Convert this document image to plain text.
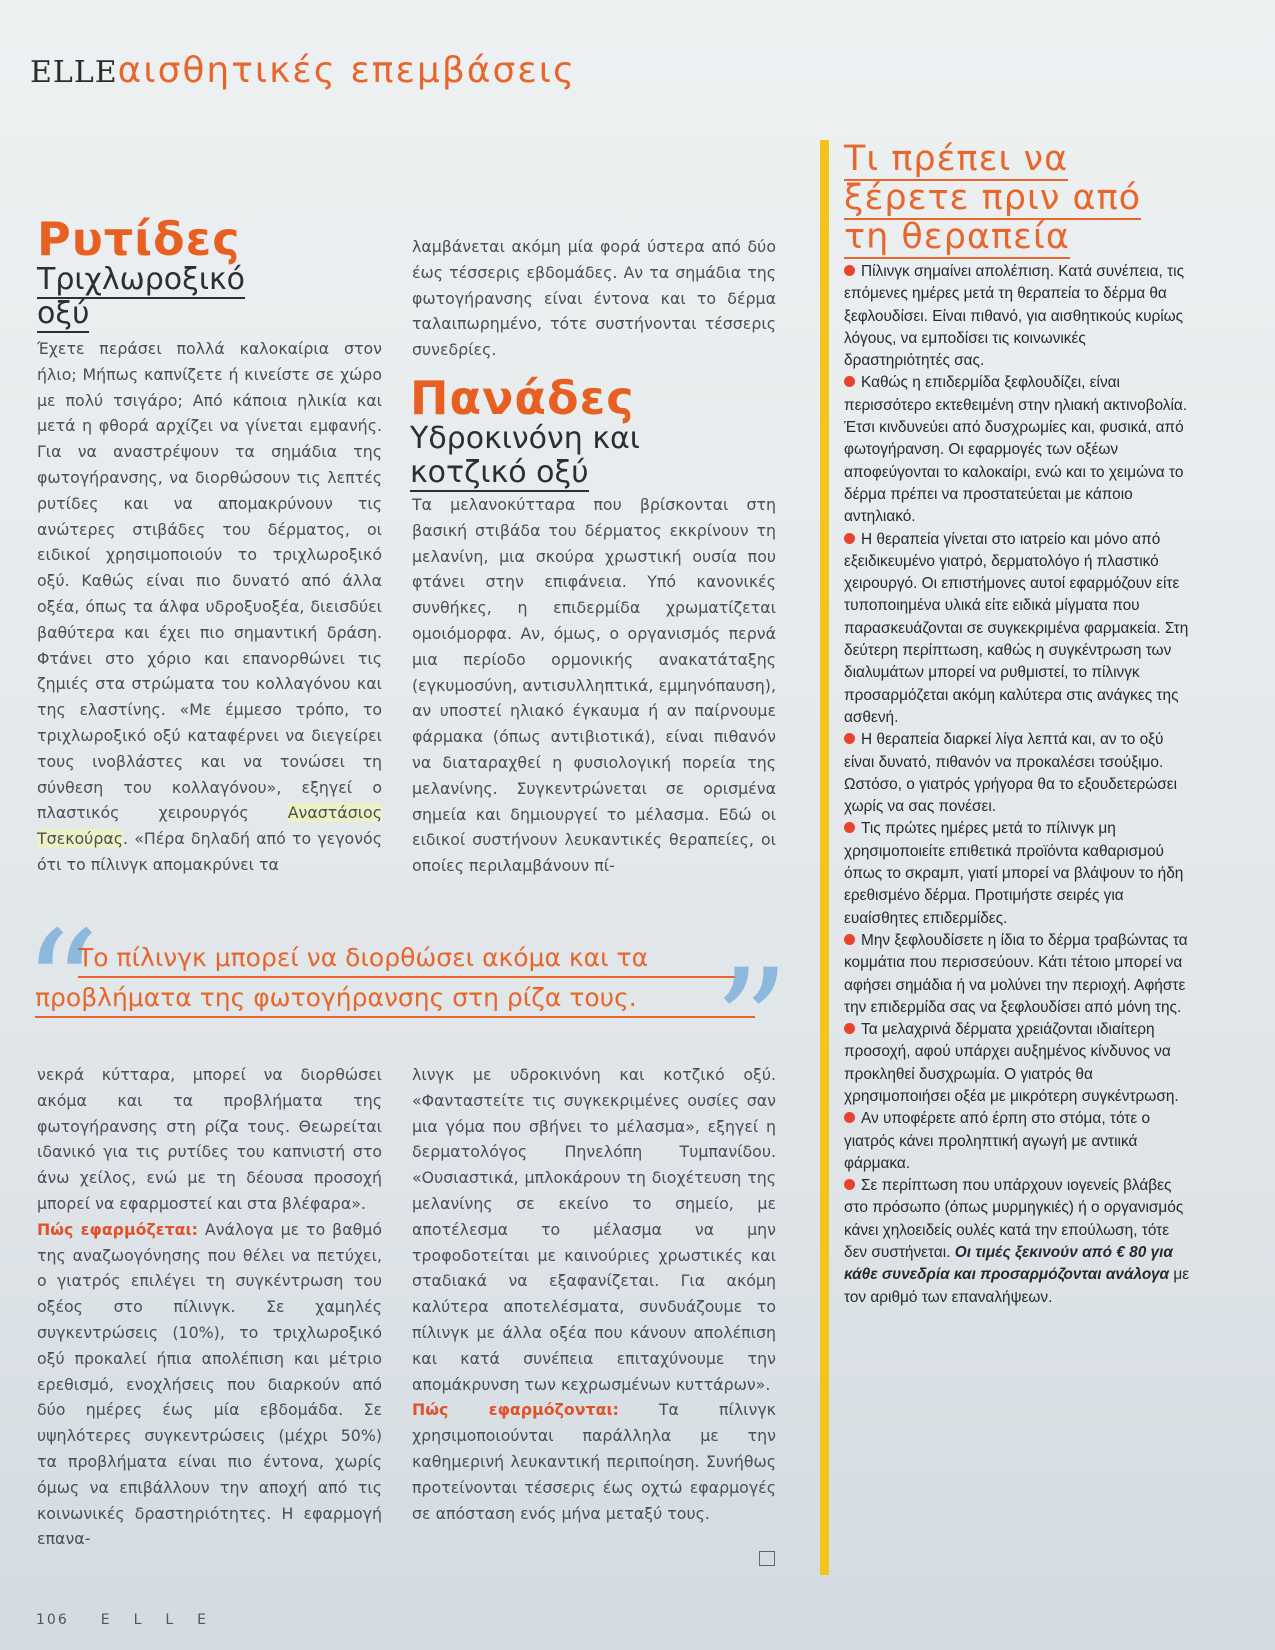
ELLEαισθητικές επεμβάσεις
Ρυτίδες
Τριχλωροξικό
οξύ

Έχετε περάσει πολλά καλοκαίρια στον ήλιο; Μήπως καπνίζετε ή κινείστε σε χώρο με πολύ τσιγάρο; Από κάποια ηλικία και μετά η φθορά αρχίζει να γίνεται εμφανής. Για να αναστρέψουν τα σημάδια της φωτογήρανσης, να διορθώσουν τις λεπτές ρυτίδες και να απομακρύνουν τις ανώτερες στιβάδες του δέρματος, οι ειδικοί χρησιμοποιούν το τριχλωροξικό οξύ. Καθώς είναι πιο δυνατό από άλλα οξέα, όπως τα άλφα υδροξυοξέα, διεισδύει βαθύτερα και έχει πιο σημαντική δράση. Φτάνει στο χόριο και επανορθώνει τις ζημιές στα στρώματα του κολλαγόνου και της ελαστίνης. «Με έμμεσο τρόπο, το τριχλωροξικό οξύ καταφέρνει να διεγείρει τους ινοβλάστες και να τονώσει τη σύνθεση του κολλαγόνου», εξηγεί ο πλαστικός χειρουργός Αναστάσιος Τσεκούρας. «Πέρα δηλαδή από το γεγονός ότι το πίλινγκ απομακρύνει τα

λαμβάνεται ακόμη μία φορά ύστερα από δύο έως τέσσερις εβδομάδες. Αν τα σημάδια της φωτογήρανσης είναι έντονα και το δέρμα ταλαιπωρημένο, τότε συστήνονται τέσσερις συνεδρίες.

Πανάδες
Υδροκινόνη και
κοτζικό οξύ

Τα μελανοκύτταρα που βρίσκονται στη βασική στιβάδα του δέρματος εκκρίνουν τη μελανίνη, μια σκούρα χρωστική ουσία που φτάνει στην επιφάνεια. Υπό κανονικές συνθήκες, η επιδερμίδα χρωματίζεται ομοιόμορφα. Αν, όμως, ο οργανισμός περνά μια περίοδο ορμονικής ανακατάταξης (εγκυμοσύνη, αντισυλληπτικά, εμμηνόπαυση), αν υποστεί ηλιακό έγκαυμα ή αν παίρνουμε φάρμακα (όπως αντιβιοτικά), είναι πιθανόν να διαταραχθεί η φυσιολογική πορεία της μελανίνης. Συγκεντρώνεται σε ορισμένα σημεία και δημιουργεί το μέλασμα. Εδώ οι ειδικοί συστήνουν λευκαντικές θεραπείες, οι οποίες περιλαμβάνουν πί-

“
Το πίλινγκ μπορεί να διορθώσει ακόμα και τα
προβλήματα της φωτογήρανσης στη ρίζα τους. ”

νεκρά κύτταρα, μπορεί να διορθώσει ακόμα και τα προβλήματα της φωτογήρανσης στη ρίζα τους. Θεωρείται ιδανικό για τις ρυτίδες του καπνιστή στο άνω χείλος, ενώ με τη δέουσα προσοχή μπορεί να εφαρμοστεί και στα βλέφαρα».

Πώς εφαρμόζεται: Ανάλογα με το βαθμό της αναζωογόνησης που θέλει να πετύχει, ο γιατρός επιλέγει τη συγκέντρωση του οξέος στο πίλινγκ. Σε χαμηλές συγκεντρώσεις (10%), το τριχλωροξικό οξύ προκαλεί ήπια απολέπιση και μέτριο ερεθισμό, ενοχλήσεις που διαρκούν από δύο ημέρες έως μία εβδομάδα. Σε υψηλότερες συγκεντρώσεις (μέχρι 50%) τα προβλήματα είναι πιο έντονα, χωρίς όμως να επιβάλλουν την αποχή από τις κοινωνικές δραστηριότητες. Η εφαρμογή επανα-

λινγκ με υδροκινόνη και κοτζικό οξύ. «Φανταστείτε τις συγκεκριμένες ουσίες σαν μια γόμα που σβήνει το μέλασμα», εξηγεί η δερματολόγος Πηνελόπη Τυμπανίδου. «Ουσιαστικά, μπλοκάρουν τη διοχέτευση της μελανίνης σε εκείνο το σημείο, με αποτέλεσμα το μέλασμα να μην τροφοδοτείται με καινούριες χρωστικές και σταδιακά να εξαφανίζεται. Για ακόμη καλύτερα αποτελέσματα, συνδυάζουμε το πίλινγκ με άλλα οξέα που κάνουν απολέπιση και κατά συνέπεια επιταχύνουμε την απομάκρυνση των κεχρωσμένων κυττάρων».

Πώς εφαρμόζονται: Τα πίλινγκ χρησιμοποιούνται παράλληλα με την καθημερινή λευκαντική περιποίηση. Συνήθως προτείνονται τέσσερις έως οχτώ εφαρμογές σε απόσταση ενός μήνα μεταξύ τους.

Τι πρέπει να
ξέρετε πριν από
τη θεραπεία

Πίλινγκ σημαίνει απολέπιση. Κατά συνέπεια, τις επόμενες ημέρες μετά τη θεραπεία το δέρμα θα ξεφλουδίσει. Είναι πιθανό, για αισθητικούς κυρίως λόγους, να εμποδίσει τις κοινωνικές δραστηριότητές σας.

Καθώς η επιδερμίδα ξεφλουδίζει, είναι περισσότερο εκτεθειμένη στην ηλιακή ακτινοβολία. Έτσι κινδυνεύει από δυσχρωμίες και, φυσικά, από φωτογήρανση. Οι εφαρμογές των οξέων αποφεύγονται το καλοκαίρι, ενώ και το χειμώνα το δέρμα πρέπει να προστατεύεται με κάποιο αντηλιακό.

Η θεραπεία γίνεται στο ιατρείο και μόνο από εξειδικευμένο γιατρό, δερματολόγο ή πλαστικό χειρουργό. Οι επιστήμονες αυτοί εφαρμόζουν είτε τυποποιημένα υλικά είτε ειδικά μίγματα που παρασκευάζονται σε συγκεκριμένα φαρμακεία. Στη δεύτερη περίπτωση, καθώς η συγκέντρωση των διαλυμάτων μπορεί να ρυθμιστεί, το πίλινγκ προσαρμόζεται ακόμη καλύτερα στις ανάγκες της ασθενή.

Η θεραπεία διαρκεί λίγα λεπτά και, αν το οξύ είναι δυνατό, πιθανόν να προκαλέσει τσούξιμο. Ωστόσο, ο γιατρός γρήγορα θα το εξουδετερώσει χωρίς να σας πονέσει.

Τις πρώτες ημέρες μετά το πίλινγκ μη χρησιμοποιείτε επιθετικά προϊόντα καθαρισμού όπως το σκραμπ, γιατί μπορεί να βλάψουν το ήδη ερεθισμένο δέρμα. Προτιμήστε σειρές για ευαίσθητες επιδερμίδες.

Μην ξεφλουδίσετε η ίδια το δέρμα τραβώντας τα κομμάτια που περισσεύουν. Κάτι τέτοιο μπορεί να αφήσει σημάδια ή να μολύνει την περιοχή. Αφήστε την επιδερμίδα σας να ξεφλουδίσει από μόνη της.

Τα μελαχρινά δέρματα χρειάζονται ιδιαίτερη προσοχή, αφού υπάρχει αυξημένος κίνδυνος να προκληθεί δυσχρωμία. Ο γιατρός θα χρησιμοποιήσει οξέα με μικρότερη συγκέντρωση.

Αν υποφέρετε από έρπη στο στόμα, τότε ο γιατρός κάνει προληπτική αγωγή με αντιικά φάρμακα.

Σε περίπτωση που υπάρχουν ιογενείς βλάβες στο πρόσωπο (όπως μυρμηγκιές) ή ο οργανισμός κάνει χηλοειδείς ουλές κατά την επούλωση, τότε δεν συστήνεται. Οι τιμές ξεκινούν από € 80 για κάθε συνεδρία και προσαρμόζονται ανάλογα με τον αριθμό των επαναλήψεων.

106 ELLE
